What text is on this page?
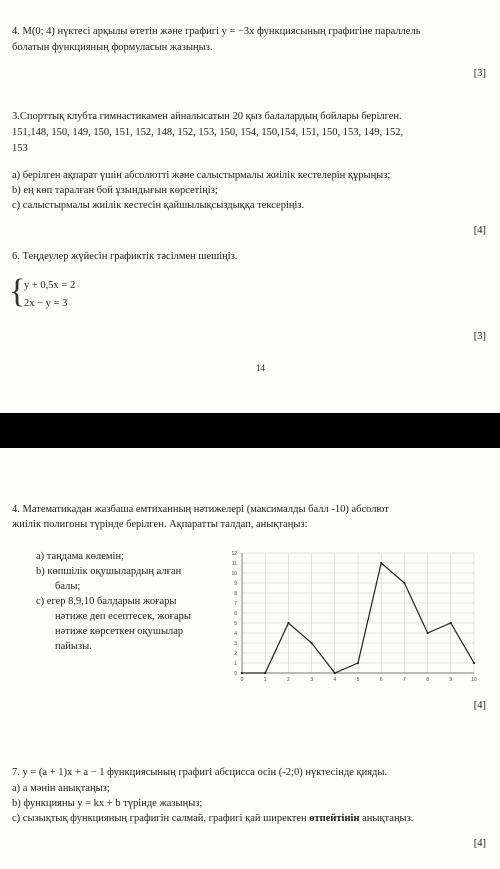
4. M(0; 4) нүктесі арқылы өтетін және графигі y = −3x функциясының графигіне параллель
болатын функцияның формуласын жазыңыз.
[3]
3.Спорттық клубта гимнастикамен айналысатын 20 қыз балалардың бойлары берілген.
151,148, 150, 149, 150, 151, 152, 148, 152, 153, 150, 154, 150,154, 151, 150, 153, 149, 152,
153
a) берілген ақпарат үшін абсолютті және салыстырмалы жиілік кестелерін құрыңыз;
b) ең көп таралған бой ұзындығын көрсетіңіз;
c) салыстырмалы жиілік кестесін қайшылықсыздыққа тексеріңіз.
[4]
6. Теңдеулер жүйесін графиктік тәсілмен шешіңіз.
{
y + 0,5x = 2
2x − y = 3
[3]
14
4. Математикадан жазбаша емтиханның нәтижелері (максималды балл -10) абсолют
жиілік полигоны түрінде берілген. Ақпаратты талдап, анықтаңыз:
a) таңдама көлемін;
b) көпшілік оқушылардың алған
балы;
c) егер 8,9,10 балдарын жоғары
нәтиже деп есептесек, жоғары
нәтиже көрсеткен оқушылар
пайызы.
0
1
2
3
4
5
6
7
8
9
10
11
12
0	1	2	3	4	5	6	7	8	9	10
[4]
7. y = (a + 1)x + a − 1 функциясының графигі абсцисса осін (-2;0) нүктесінде қияды.
a) a мәнін анықтаңыз;
b) функцияны y = kx + b түрінде жазыңыз;
c) сызықтық функцияның графигін салмай, графигі қай ширектен өтпейтінін анықтаңыз.
[4]
